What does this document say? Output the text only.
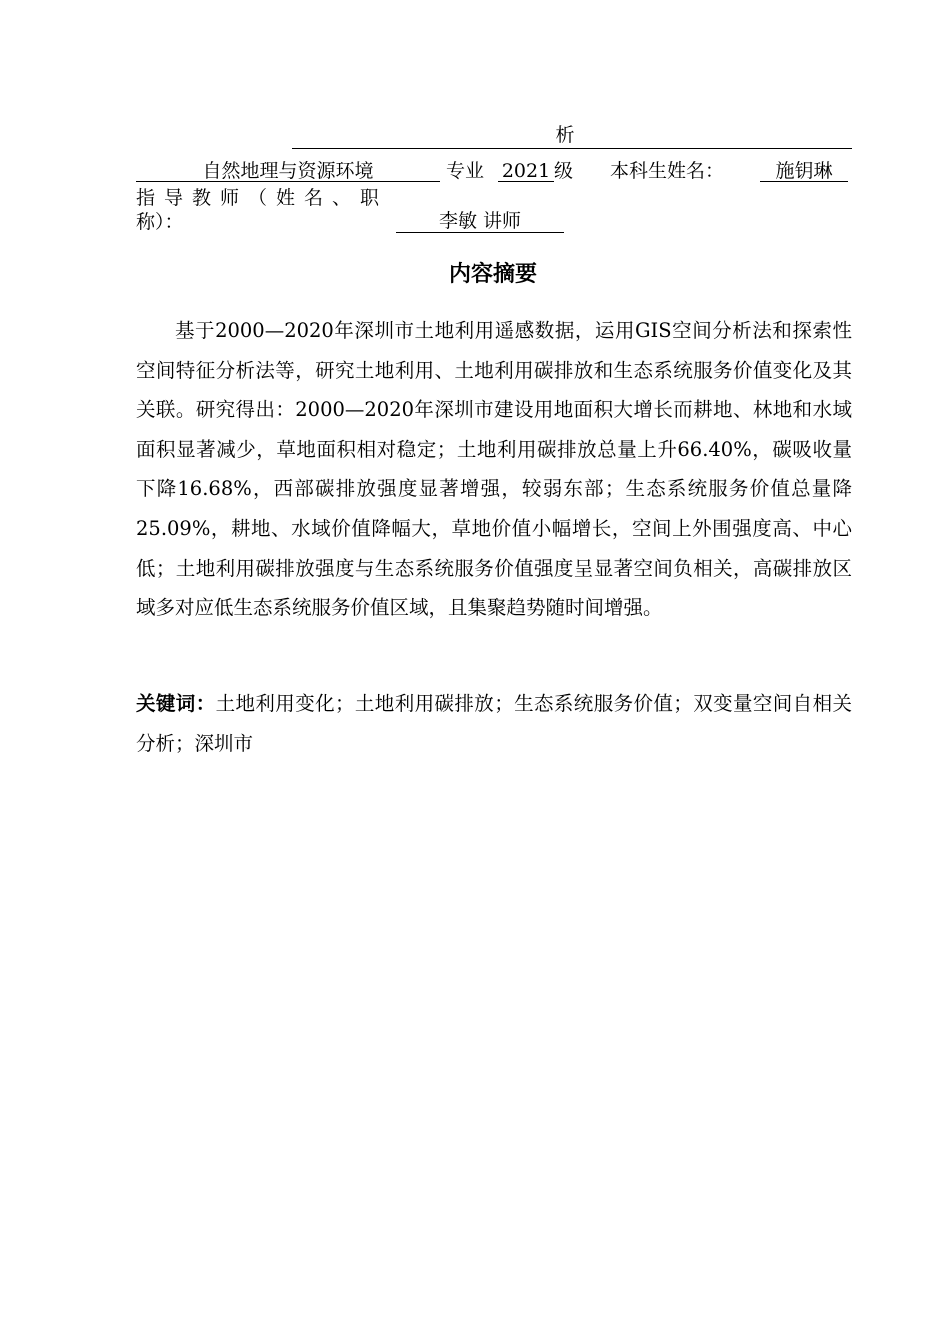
析
自然地理与资源环境	专业 2021 级 本科生姓名：	施钥琳
指导教师（姓名、职
称）：	李敏 讲师
内容摘要
基于2000—2020年深圳市土地利用遥感数据，运用GIS空间分析法和探索性空间特征分析法等，研究土地利用、土地利用碳排放和生态系统服务价值变化及其关联。研究得出：2000—2020年深圳市建设用地面积大增长而耕地、林地和水域面积显著减少，草地面积相对稳定；土地利用碳排放总量上升66.40%，碳吸收量下降16.68%，西部碳排放强度显著增强，较弱东部；生态系统服务价值总量降25.09%，耕地、水域价值降幅大，草地价值小幅增长，空间上外围强度高、中心低；土地利用碳排放强度与生态系统服务价值强度呈显著空间负相关，高碳排放区域多对应低生态系统服务价值区域，且集聚趋势随时间增强。
关键词：土地利用变化；土地利用碳排放；生态系统服务价值；双变量空间自相关分析；深圳市
